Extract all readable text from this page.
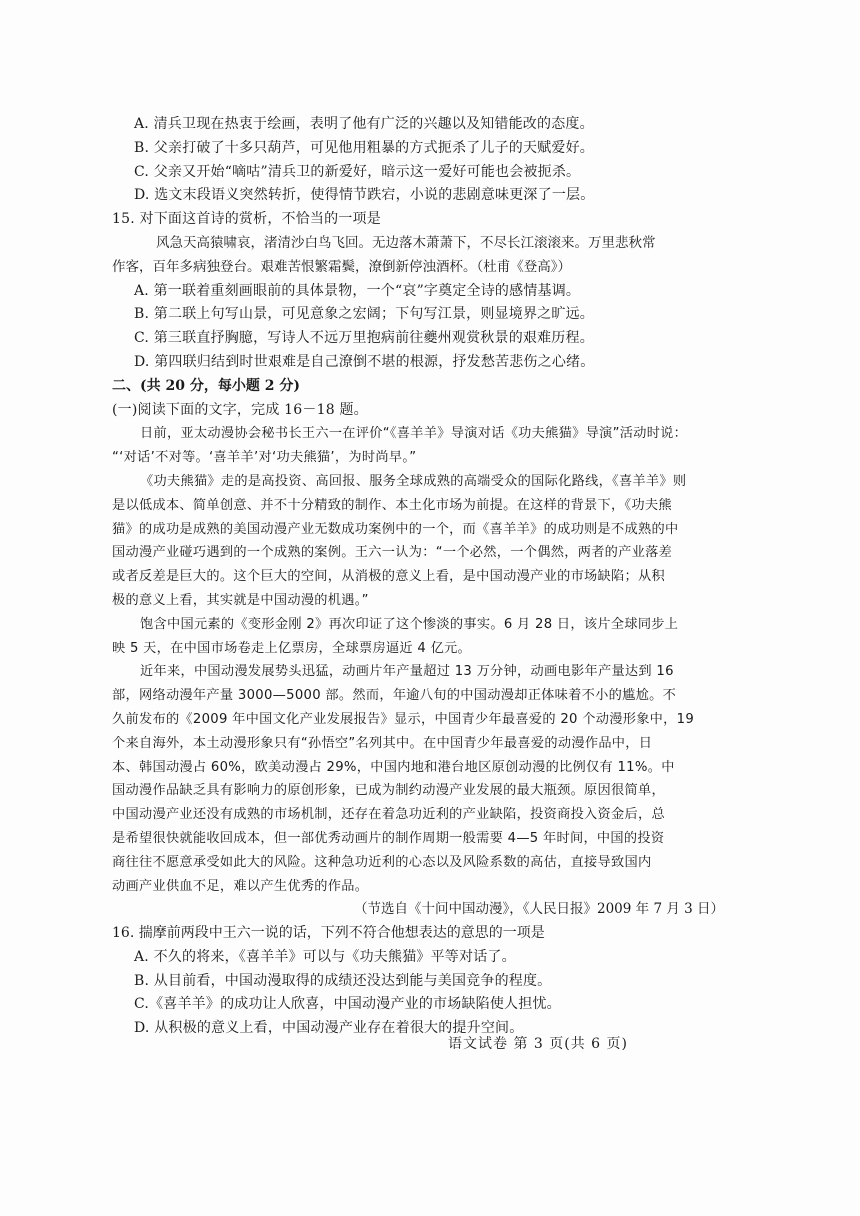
A. 清兵卫现在热衷于绘画，表明了他有广泛的兴趣以及知错能改的态度。
B. 父亲打破了十多只葫芦，可见他用粗暴的方式扼杀了儿子的天赋爱好。
C. 父亲又开始“嘀咕”清兵卫的新爱好，暗示这一爱好可能也会被扼杀。
D. 选文末段语义突然转折，使得情节跌宕，小说的悲剧意味更深了一层。
15. 对下面这首诗的赏析，不恰当的一项是
风急天高猿啸哀，渚清沙白鸟飞回。无边落木萧萧下，不尽长江滚滚来。万里悲秋常
作客，百年多病独登台。艰难苦恨繁霜鬓，潦倒新停浊酒杯。（杜甫《登高》）
A. 第一联着重刻画眼前的具体景物，一个“哀”字奠定全诗的感情基调。
B. 第二联上句写山景，可见意象之宏阔；下句写江景，则显境界之旷远。
C. 第三联直抒胸臆，写诗人不远万里抱病前往夔州观赏秋景的艰难历程。
D. 第四联归结到时世艰难是自己潦倒不堪的根源，抒发愁苦悲伤之心绪。
二、(共 20 分，每小题 2 分)
(一)阅读下面的文字，完成 16－18 题。
日前，亚太动漫协会秘书长王六一在评价“《喜羊羊》导演对话《功夫熊猫》导演”活动时说：
“‘对话’不对等。‘喜羊羊’对‘功夫熊猫’，为时尚早。”
《功夫熊猫》走的是高投资、高回报、服务全球成熟的高端受众的国际化路线，《喜羊羊》则
是以低成本、简单创意、并不十分精致的制作、本土化市场为前提。在这样的背景下，《功夫熊
猫》的成功是成熟的美国动漫产业无数成功案例中的一个，而《喜羊羊》的成功则是不成熟的中
国动漫产业碰巧遇到的一个成熟的案例。王六一认为：“一个必然，一个偶然，两者的产业落差
或者反差是巨大的。这个巨大的空间，从消极的意义上看，是中国动漫产业的市场缺陷；从积
极的意义上看，其实就是中国动漫的机遇。”
饱含中国元素的《变形金刚 2》再次印证了这个惨淡的事实。6 月 28 日，该片全球同步上
映 5 天，在中国市场卷走上亿票房，全球票房逼近 4 亿元。
近年来，中国动漫发展势头迅猛，动画片年产量超过 13 万分钟，动画电影年产量达到 16
部，网络动漫年产量 3000—5000 部。然而，年逾八旬的中国动漫却正体味着不小的尴尬。不
久前发布的《2009 年中国文化产业发展报告》显示，中国青少年最喜爱的 20 个动漫形象中，19
个来自海外，本土动漫形象只有“孙悟空”名列其中。在中国青少年最喜爱的动漫作品中，日
本、韩国动漫占 60%，欧美动漫占 29%，中国内地和港台地区原创动漫的比例仅有 11%。中
国动漫作品缺乏具有影响力的原创形象，已成为制约动漫产业发展的最大瓶颈。原因很简单，
中国动漫产业还没有成熟的市场机制，还存在着急功近利的产业缺陷，投资商投入资金后，总
是希望很快就能收回成本，但一部优秀动画片的制作周期一般需要 4—5 年时间，中国的投资
商往往不愿意承受如此大的风险。这种急功近利的心态以及风险系数的高估，直接导致国内
动画产业供血不足，难以产生优秀的作品。
（节选自《十问中国动漫》，《人民日报》2009 年 7 月 3 日）
16. 揣摩前两段中王六一说的话，下列不符合他想表达的意思的一项是
A. 不久的将来，《喜羊羊》可以与《功夫熊猫》平等对话了。
B. 从目前看，中国动漫取得的成绩还没达到能与美国竞争的程度。
C.《喜羊羊》的成功让人欣喜，中国动漫产业的市场缺陷使人担忧。
D. 从积极的意义上看，中国动漫产业存在着很大的提升空间。
语文试卷 第 3 页(共 6 页)
